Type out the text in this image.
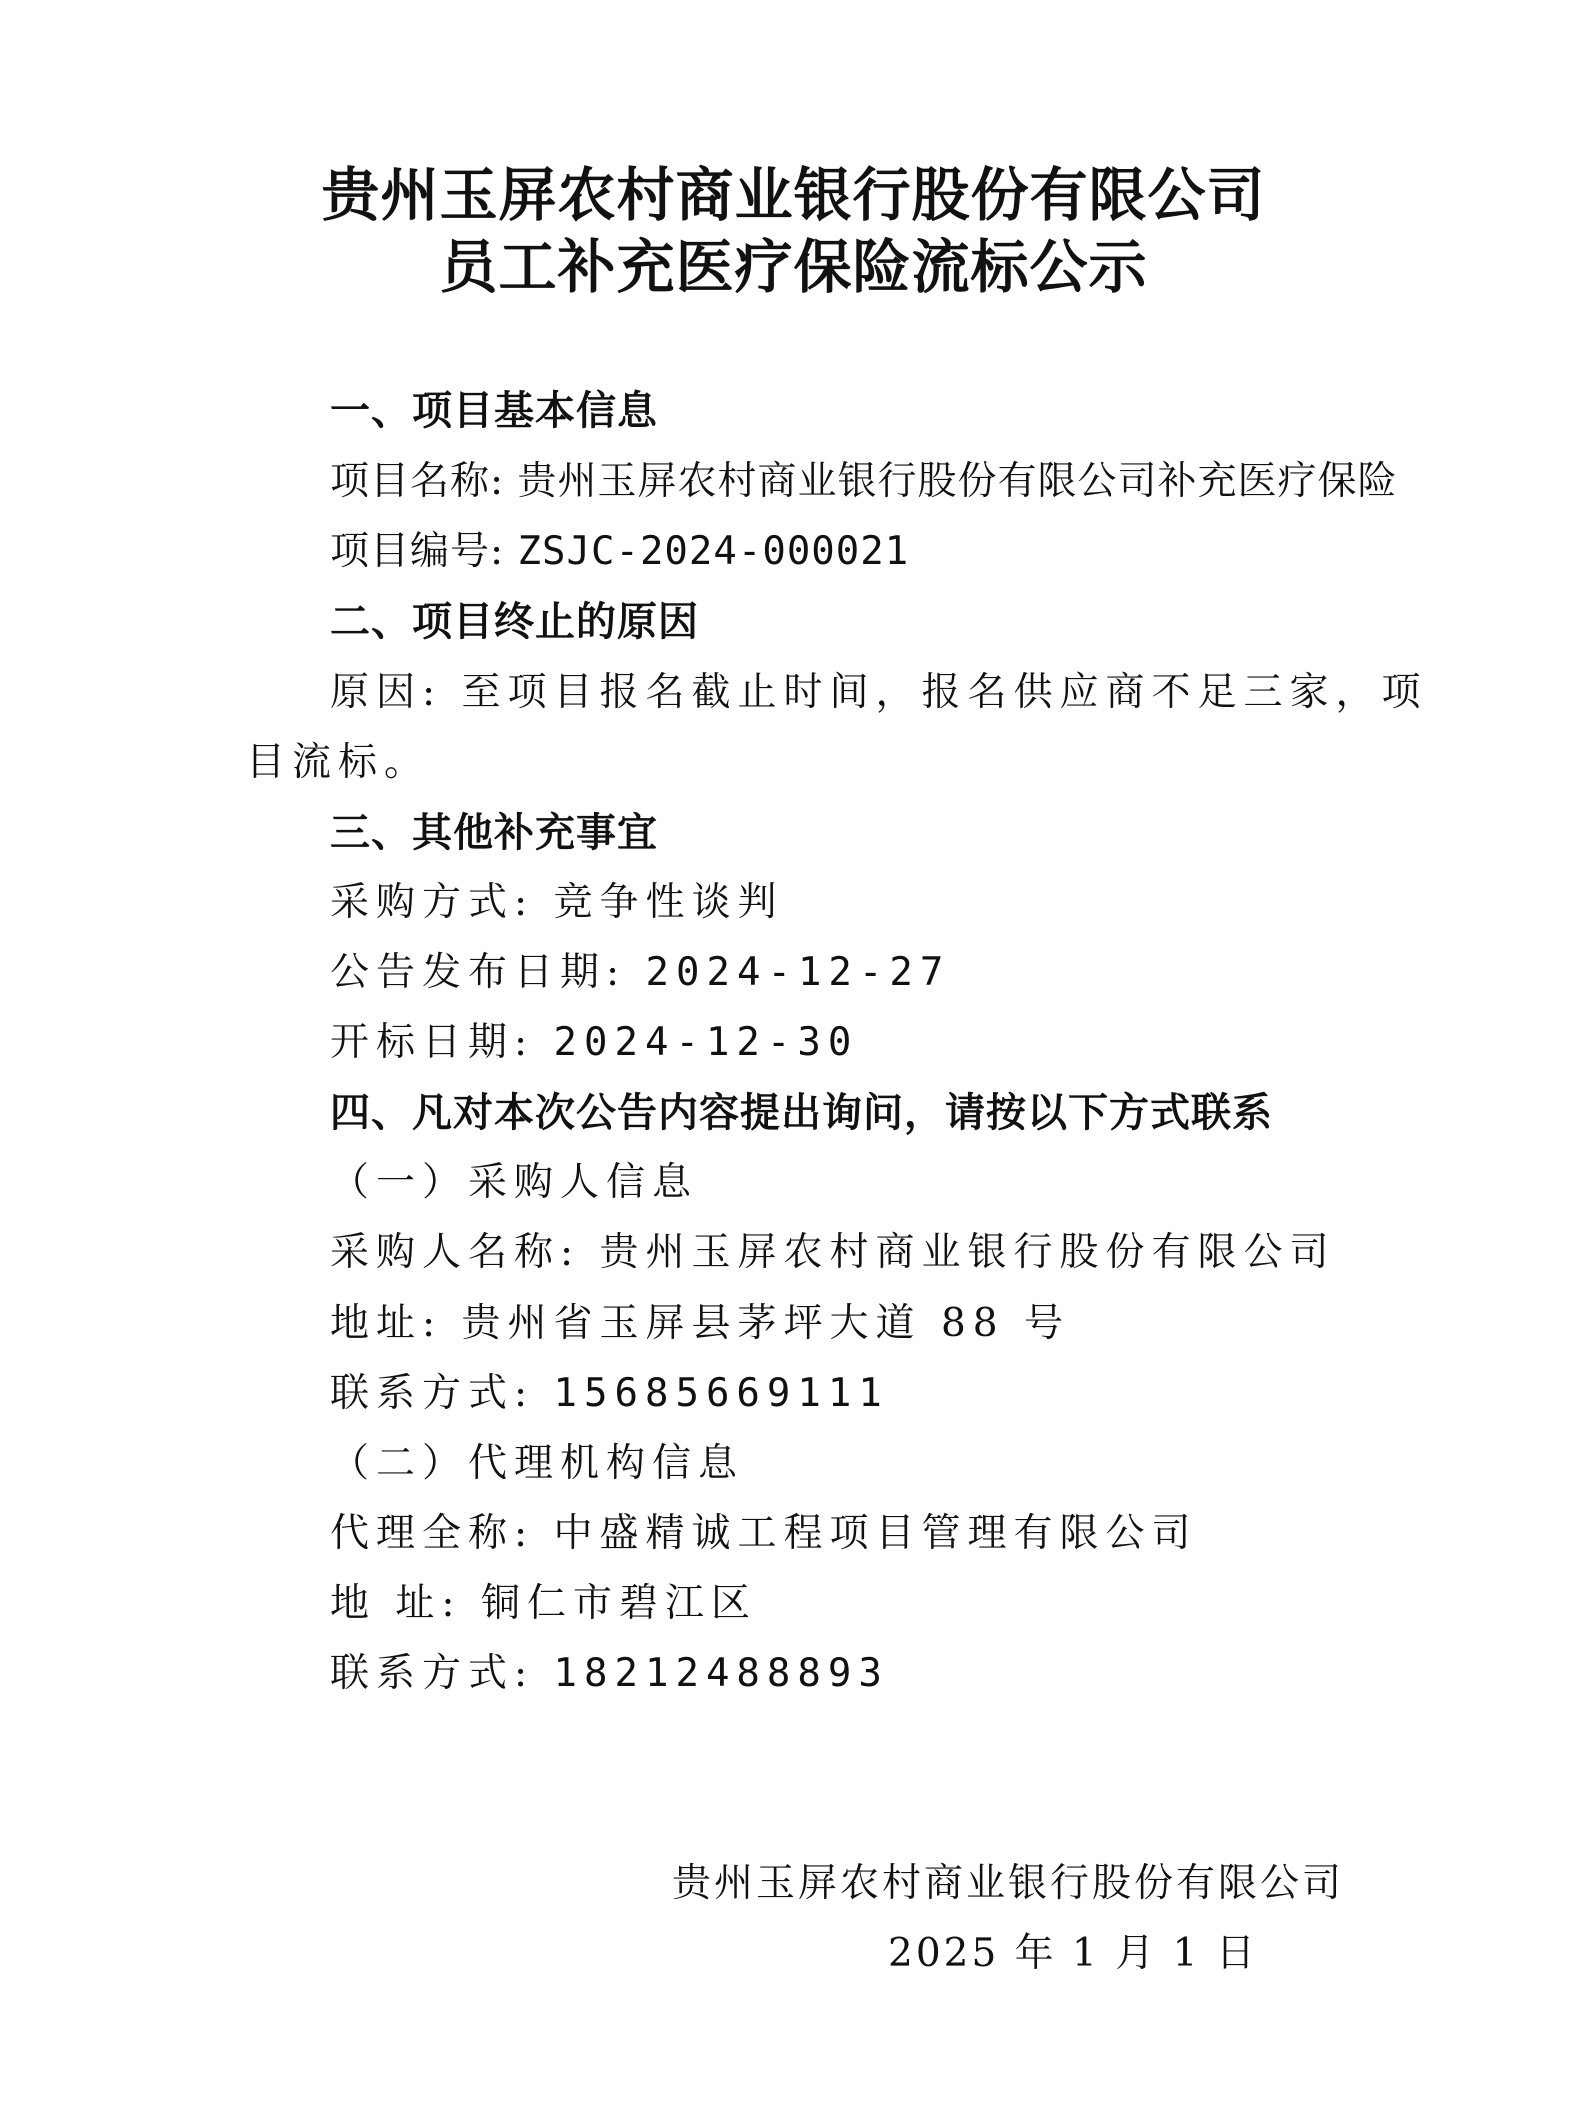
贵州玉屏农村商业银行股份有限公司
员工补充医疗保险流标公示
一、项目基本信息
项目名称: 贵州玉屏农村商业银行股份有限公司补充医疗保险
项目编号: ZSJC-2024-000021
二、项目终止的原因
原因: 至项目报名截止时间，报名供应商不足三家，项
目流标。
三、其他补充事宜
采购方式: 竞争性谈判
公告发布日期: 2024-12-27
开标日期: 2024-12-30
四、凡对本次公告内容提出询问，请按以下方式联系
（一）采购人信息
采购人名称: 贵州玉屏农村商业银行股份有限公司
地址: 贵州省玉屏县茅坪大道 88 号
联系方式: 15685669111
（二）代理机构信息
代理全称: 中盛精诚工程项目管理有限公司
地 址: 铜仁市碧江区
联系方式: 18212488893
贵州玉屏农村商业银行股份有限公司
2025 年 1 月 1 日
